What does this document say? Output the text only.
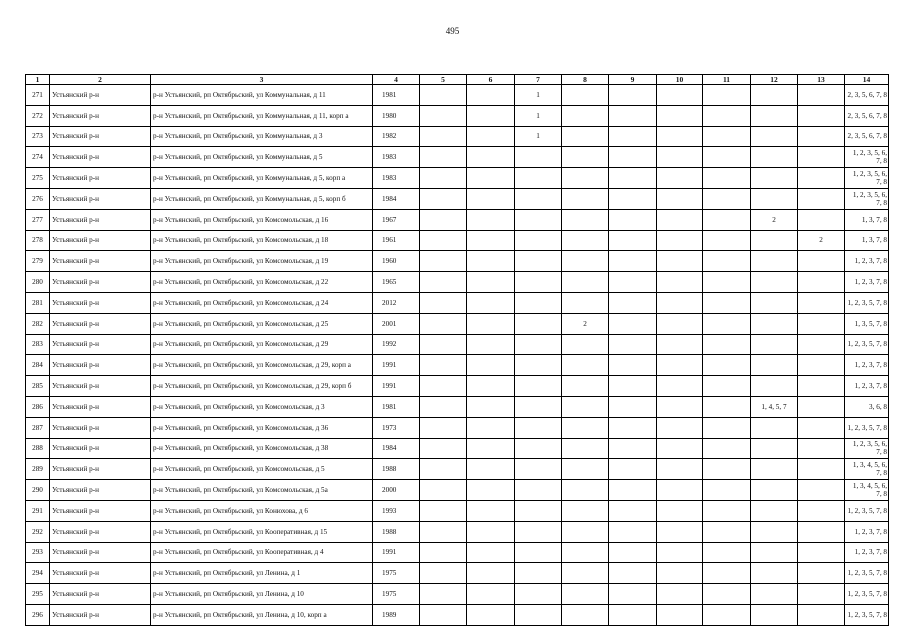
495
1	2	3	4	5	6	7	8	9	10	11	12	13	14
271	Устьянский р-н	р-н Устьянский, рп Октябрьский, ул Коммунальная, д 11	1981			1							2, 3, 5, 6, 7, 8
272	Устьянский р-н	р-н Устьянский, рп Октябрьский, ул Коммунальная, д 11, корп а	1980			1							2, 3, 5, 6, 7, 8
273	Устьянский р-н	р-н Устьянский, рп Октябрьский, ул Коммунальная, д 3	1982			1							2, 3, 5, 6, 7, 8
274	Устьянский р-н	р-н Устьянский, рп Октябрьский, ул Коммунальная, д 5	1983										1, 2, 3, 5, 6, 7, 8
275	Устьянский р-н	р-н Устьянский, рп Октябрьский, ул Коммунальная, д 5, корп а	1983										1, 2, 3, 5, 6, 7, 8
276	Устьянский р-н	р-н Устьянский, рп Октябрьский, ул Коммунальная, д 5, корп б	1984										1, 2, 3, 5, 6, 7, 8
277	Устьянский р-н	р-н Устьянский, рп Октябрьский, ул Комсомольская, д 16	1967								2		1, 3, 7, 8
278	Устьянский р-н	р-н Устьянский, рп Октябрьский, ул Комсомольская, д 18	1961									2	1, 3, 7, 8
279	Устьянский р-н	р-н Устьянский, рп Октябрьский, ул Комсомольская, д 19	1960										1, 2, 3, 7, 8
280	Устьянский р-н	р-н Устьянский, рп Октябрьский, ул Комсомольская, д 22	1965										1, 2, 3, 7, 8
281	Устьянский р-н	р-н Устьянский, рп Октябрьский, ул Комсомольская, д 24	2012										1, 2, 3, 5, 7, 8
282	Устьянский р-н	р-н Устьянский, рп Октябрьский, ул Комсомольская, д 25	2001				2						1, 3, 5, 7, 8
283	Устьянский р-н	р-н Устьянский, рп Октябрьский, ул Комсомольская, д 29	1992										1, 2, 3, 5, 7, 8
284	Устьянский р-н	р-н Устьянский, рп Октябрьский, ул Комсомольская, д 29, корп а	1991										1, 2, 3, 7, 8
285	Устьянский р-н	р-н Устьянский, рп Октябрьский, ул Комсомольская, д 29, корп б	1991										1, 2, 3, 7, 8
286	Устьянский р-н	р-н Устьянский, рп Октябрьский, ул Комсомольская, д 3	1981								1, 4, 5, 7		3, 6, 8
287	Устьянский р-н	р-н Устьянский, рп Октябрьский, ул Комсомольская, д 36	1973										1, 2, 3, 5, 7, 8
288	Устьянский р-н	р-н Устьянский, рп Октябрьский, ул Комсомольская, д 38	1984										1, 2, 3, 5, 6, 7, 8
289	Устьянский р-н	р-н Устьянский, рп Октябрьский, ул Комсомольская, д 5	1988										1, 3, 4, 5, 6, 7, 8
290	Устьянский р-н	р-н Устьянский, рп Октябрьский, ул Комсомольская, д 5а	2000										1, 3, 4, 5, 6, 7, 8
291	Устьянский р-н	р-н Устьянский, рп Октябрьский, ул Конюхова, д 6	1993										1, 2, 3, 5, 7, 8
292	Устьянский р-н	р-н Устьянский, рп Октябрьский, ул Кооперативная, д 15	1988										1, 2, 3, 7, 8
293	Устьянский р-н	р-н Устьянский, рп Октябрьский, ул Кооперативная, д 4	1991										1, 2, 3, 7, 8
294	Устьянский р-н	р-н Устьянский, рп Октябрьский, ул Ленина, д 1	1975										1, 2, 3, 5, 7, 8
295	Устьянский р-н	р-н Устьянский, рп Октябрьский, ул Ленина, д 10	1975										1, 2, 3, 5, 7, 8
296	Устьянский р-н	р-н Устьянский, рп Октябрьский, ул Ленина, д 10, корп а	1989										1, 2, 3, 5, 7, 8
